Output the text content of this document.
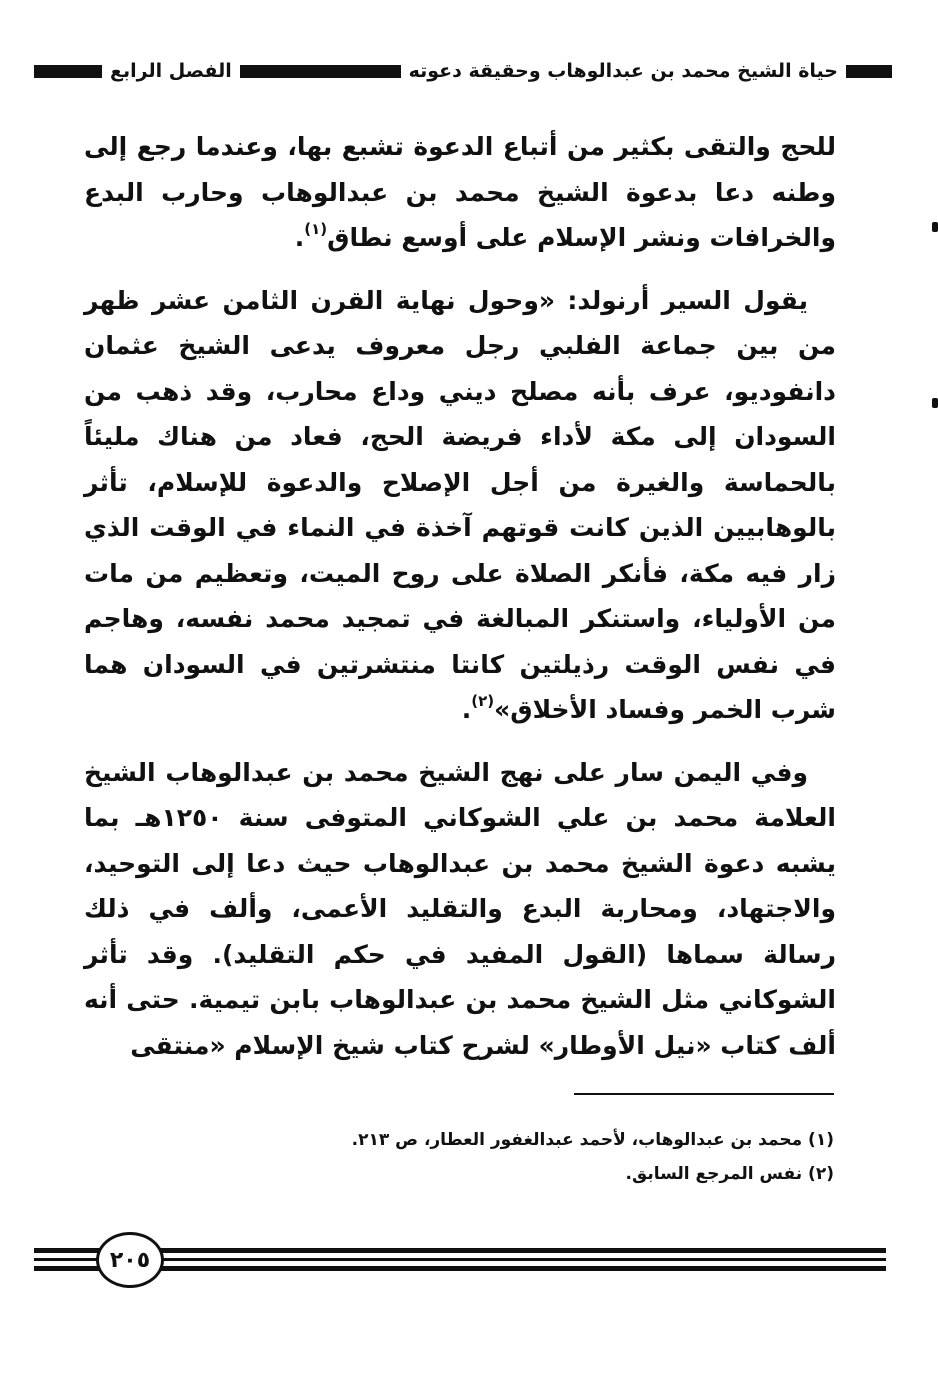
حياة الشيخ محمد بن عبدالوهاب وحقيقة دعوته
الفصل الرابع

للحج والتقى بكثير من أتباع الدعوة تشبع بها، وعندما رجع إلى وطنه دعا بدعوة الشيخ محمد بن عبدالوهاب وحارب البدع والخرافات ونشر الإسلام على أوسع نطاق$^{(١)}$.

يقول السير أرنولد: «وحول نهاية القرن الثامن عشر ظهر من بين جماعة الفلبي رجل معروف يدعى الشيخ عثمان دانفوديو، عرف بأنه مصلح ديني وداع محارب، وقد ذهب من السودان إلى مكة لأداء فريضة الحج، فعاد من هناك مليئاً بالحماسة والغيرة من أجل الإصلاح والدعوة للإسلام، تأثر بالوهابيين الذين كانت قوتهم آخذة في النماء في الوقت الذي زار فيه مكة، فأنكر الصلاة على روح الميت، وتعظيم من مات من الأولياء، واستنكر المبالغة في تمجيد محمد نفسه، وهاجم في نفس الوقت رذيلتين كانتا منتشرتين في السودان هما شرب الخمر وفساد الأخلاق»$^{(٢)}$.

وفي اليمن سار على نهج الشيخ محمد بن عبدالوهاب الشيخ العلامة محمد بن علي الشوكاني المتوفى سنة ١٢٥٠هـ بما يشبه دعوة الشيخ محمد بن عبدالوهاب حيث دعا إلى التوحيد، والاجتهاد، ومحاربة البدع والتقليد الأعمى، وألف في ذلك رسالة سماها (القول المفيد في حكم التقليد). وقد تأثر الشوكاني مثل الشيخ محمد بن عبدالوهاب بابن تيمية. حتى أنه ألف كتاب «نيل الأوطار» لشرح كتاب شيخ الإسلام «منتقى

(١) محمد بن عبدالوهاب، لأحمد عبدالغفور العطار، ص ٢١٣.
(٢) نفس المرجع السابق.
٢٠٥
